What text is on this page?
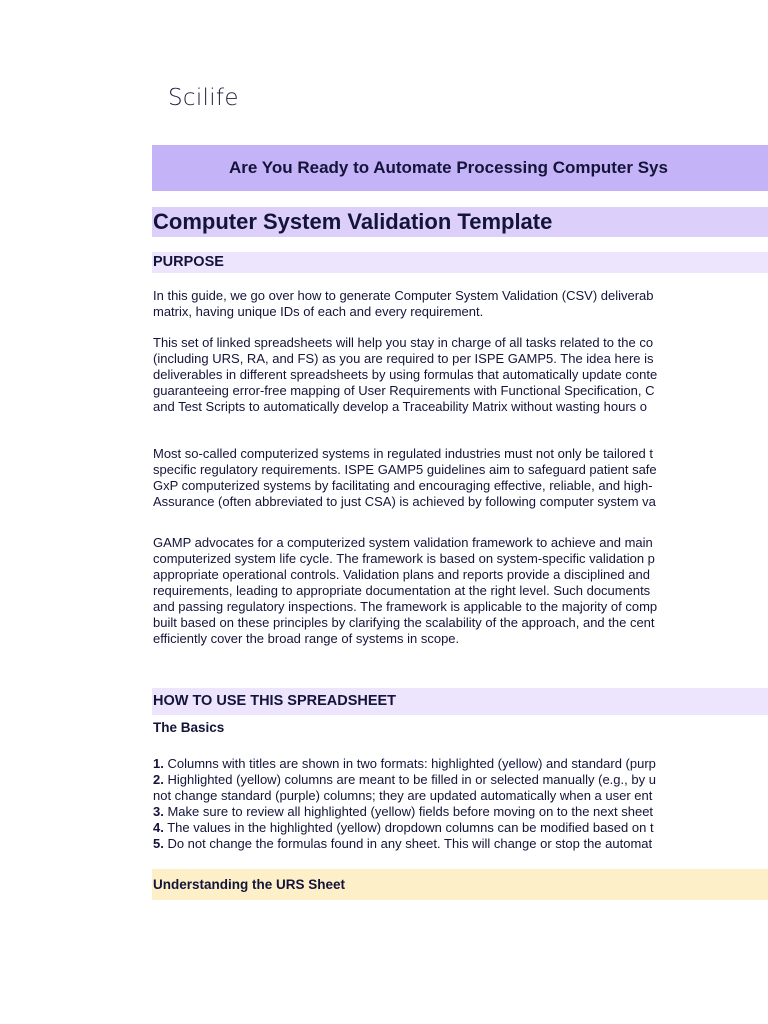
Scilife
Are You Ready to Automate Processing Computer Sys
Computer System Validation Template
PURPOSE
In this guide, we go over how to generate Computer System Validation (CSV) deliverab
matrix, having unique IDs of each and every requirement.
This set of linked spreadsheets will help you stay in charge of all tasks related to the co
(including URS, RA, and FS) as you are required to per ISPE GAMP5. The idea here is
deliverables in different spreadsheets by using formulas that automatically update conte
guaranteeing error-free mapping of User Requirements with Functional Specification, C
and Test Scripts to automatically develop a Traceability Matrix without wasting hours o
Most so-called computerized systems in regulated industries must not only be tailored t
specific regulatory requirements. ISPE GAMP5 guidelines aim to safeguard patient safe
GxP computerized systems by facilitating and encouraging effective, reliable, and high-
Assurance (often abbreviated to just CSA) is achieved by following computer system va
GAMP advocates for a computerized system validation framework to achieve and main
computerized system life cycle. The framework is based on system-specific validation p
appropriate operational controls. Validation plans and reports provide a disciplined and
requirements, leading to appropriate documentation at the right level. Such documents
and passing regulatory inspections. The framework is applicable to the majority of comp
built based on these principles by clarifying the scalability of the approach, and the cent
efficiently cover the broad range of systems in scope.
HOW TO USE THIS SPREADSHEET
The Basics
1. Columns with titles are shown in two formats: highlighted (yellow) and standard (purp
2. Highlighted (yellow) columns are meant to be filled in or selected manually (e.g., by u
not change standard (purple) columns; they are updated automatically when a user ent
3. Make sure to review all highlighted (yellow) fields before moving on to the next sheet
4. The values in the highlighted (yellow) dropdown columns can be modified based on t
5. Do not change the formulas found in any sheet. This will change or stop the automat
Understanding the URS Sheet
